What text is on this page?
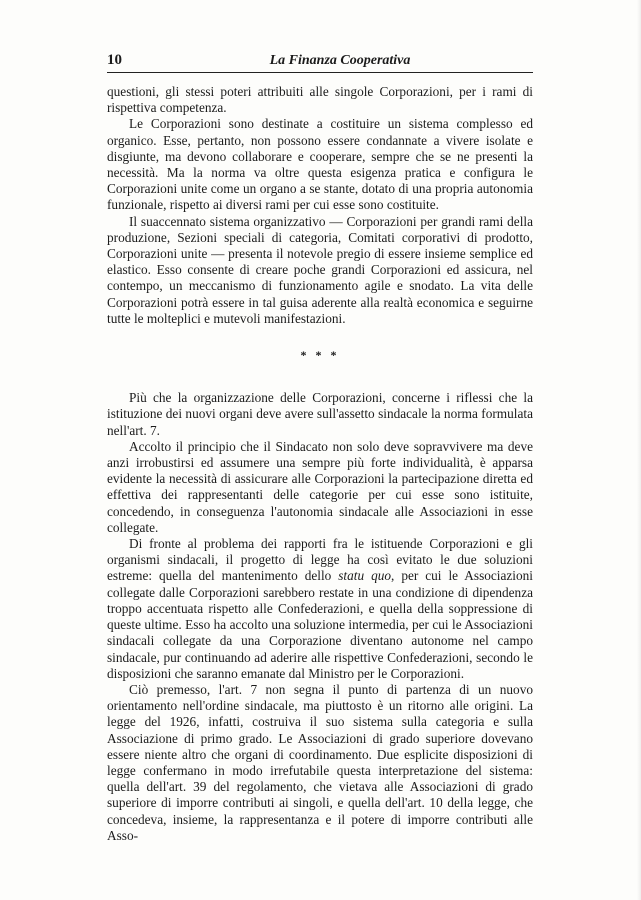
10	La Finanza Cooperativa

questioni, gli stessi poteri attribuiti alle singole Corporazioni, per i rami di rispettiva competenza.

Le Corporazioni sono destinate a costituire un sistema complesso ed organico. Esse, pertanto, non possono essere condannate a vivere isolate e disgiunte, ma devono collaborare e cooperare, sempre che se ne presenti la necessità. Ma la norma va oltre questa esigenza pratica e configura le Corporazioni unite come un organo a se stante, dotato di una propria autonomia funzionale, rispetto ai diversi rami per cui esse sono costituite.

Il suaccennato sistema organizzativo — Corporazioni per grandi rami della produzione, Sezioni speciali di categoria, Comitati corporativi di prodotto, Corporazioni unite — presenta il notevole pregio di essere insieme semplice ed elastico. Esso consente di creare poche grandi Corporazioni ed assicura, nel contempo, un meccanismo di funzionamento agile e snodato. La vita delle Corporazioni potrà essere in tal guisa aderente alla realtà economica e seguirne tutte le molteplici e mutevoli manifestazioni.

* * *

Più che la organizzazione delle Corporazioni, concerne i riflessi che la istituzione dei nuovi organi deve avere sull'assetto sindacale la norma formulata nell'art. 7.

Accolto il principio che il Sindacato non solo deve sopravvivere ma deve anzi irrobustirsi ed assumere una sempre più forte individualità, è apparsa evidente la necessità di assicurare alle Corporazioni la partecipazione diretta ed effettiva dei rappresentanti delle categorie per cui esse sono istituite, concedendo, in conseguenza l'autonomia sindacale alle Associazioni in esse collegate.

Di fronte al problema dei rapporti fra le istituende Corporazioni e gli organismi sindacali, il progetto di legge ha così evitato le due soluzioni estreme: quella del mantenimento dello statu quo, per cui le Associazioni collegate dalle Corporazioni sarebbero restate in una condizione di dipendenza troppo accentuata rispetto alle Confederazioni, e quella della soppressione di queste ultime. Esso ha accolto una soluzione intermedia, per cui le Associazioni sindacali collegate da una Corporazione diventano autonome nel campo sindacale, pur continuando ad aderire alle rispettive Confederazioni, secondo le disposizioni che saranno emanate dal Ministro per le Corporazioni.

Ciò premesso, l'art. 7 non segna il punto di partenza di un nuovo orientamento nell'ordine sindacale, ma piuttosto è un ritorno alle origini. La legge del 1926, infatti, costruiva il suo sistema sulla categoria e sulla Associazione di primo grado. Le Associazioni di grado superiore dovevano essere niente altro che organi di coordinamento. Due esplicite disposizioni di legge confermano in modo irrefutabile questa interpretazione del sistema: quella dell'art. 39 del regolamento, che vietava alle Associazioni di grado superiore di imporre contributi ai singoli, e quella dell'art. 10 della legge, che concedeva, insieme, la rappresentanza e il potere di imporre contributi alle Asso-
